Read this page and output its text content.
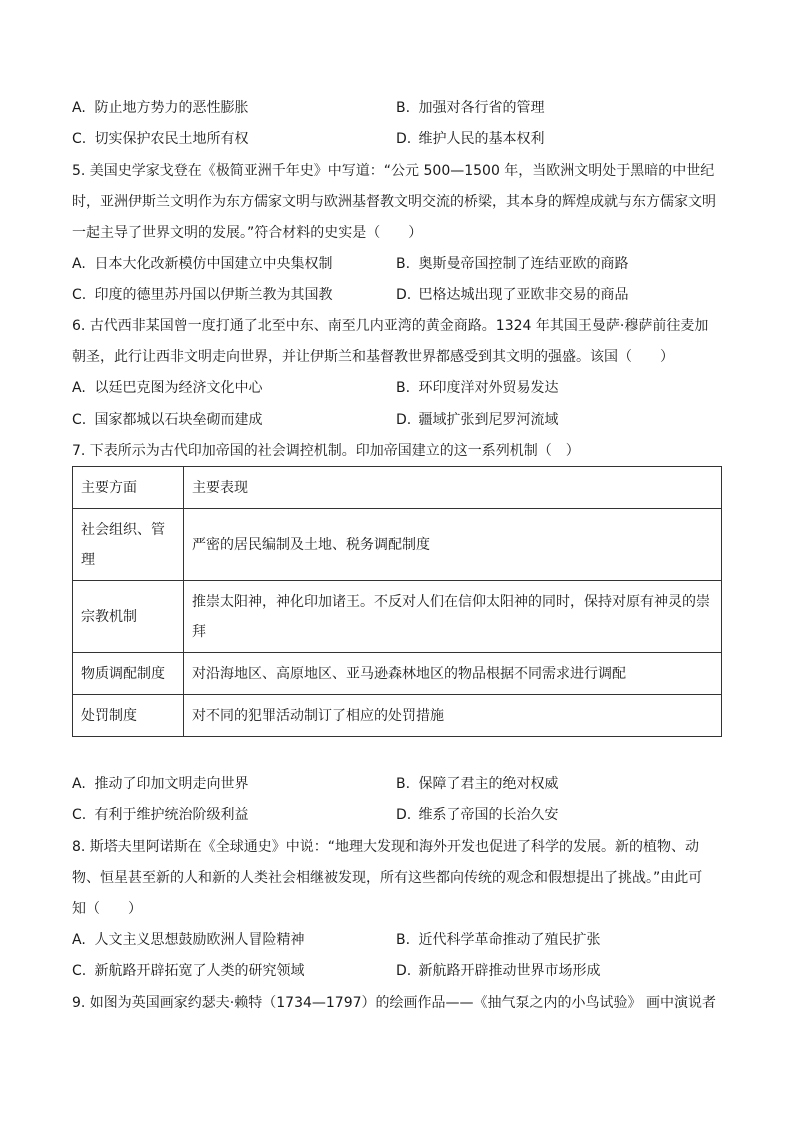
A. 防止地方势力的恶性膨胀	B. 加强对各行省的管理
C. 切实保护农民土地所有权	D. 维护人民的基本权利
5. 美国史学家戈登在《极简亚洲千年史》中写道：“公元 500—1500 年，当欧洲文明处于黑暗的中世纪
时，亚洲伊斯兰文明作为东方儒家文明与欧洲基督教文明交流的桥梁，其本身的辉煌成就与东方儒家文明
一起主导了世界文明的发展。”符合材料的史实是（　　）
A. 日本大化改新模仿中国建立中央集权制	B. 奥斯曼帝国控制了连结亚欧的商路
C. 印度的德里苏丹国以伊斯兰教为其国教	D. 巴格达城出现了亚欧非交易的商品
6. 古代西非某国曾一度打通了北至中东、南至几内亚湾的黄金商路。1324 年其国王曼萨·穆萨前往麦加
朝圣，此行让西非文明走向世界，并让伊斯兰和基督教世界都感受到其文明的强盛。该国（　　）
A. 以廷巴克图为经济文化中心	B. 环印度洋对外贸易发达
C. 国家都城以石块垒砌而建成	D. 疆域扩张到尼罗河流域
7. 下表所示为古代印加帝国的社会调控机制。印加帝国建立的这一系列机制（　）
主要方面	主要表现
社会组织、管理	严密的居民编制及土地、税务调配制度
宗教机制	推崇太阳神，神化印加诸王。不反对人们在信仰太阳神的同时，保持对原有神灵的崇拜
物质调配制度	对沿海地区、高原地区、亚马逊森林地区的物品根据不同需求进行调配
处罚制度	对不同的犯罪活动制订了相应的处罚措施
A. 推动了印加文明走向世界	B. 保障了君主的绝对权威
C. 有利于维护统治阶级利益	D. 维系了帝国的长治久安
8. 斯塔夫里阿诺斯在《全球通史》中说：“地理大发现和海外开发也促进了科学的发展。新的植物、动
物、恒星甚至新的人和新的人类社会相继被发现，所有这些都向传统的观念和假想提出了挑战。”由此可
知（　　）
A. 人文主义思想鼓励欧洲人冒险精神	B. 近代科学革命推动了殖民扩张
C. 新航路开辟拓宽了人类的研究领域	D. 新航路开辟推动世界市场形成
9. 如图为英国画家约瑟夫·赖特（1734—1797）的绘画作品——《抽气泵之内的小鸟试验》 画中演说者
